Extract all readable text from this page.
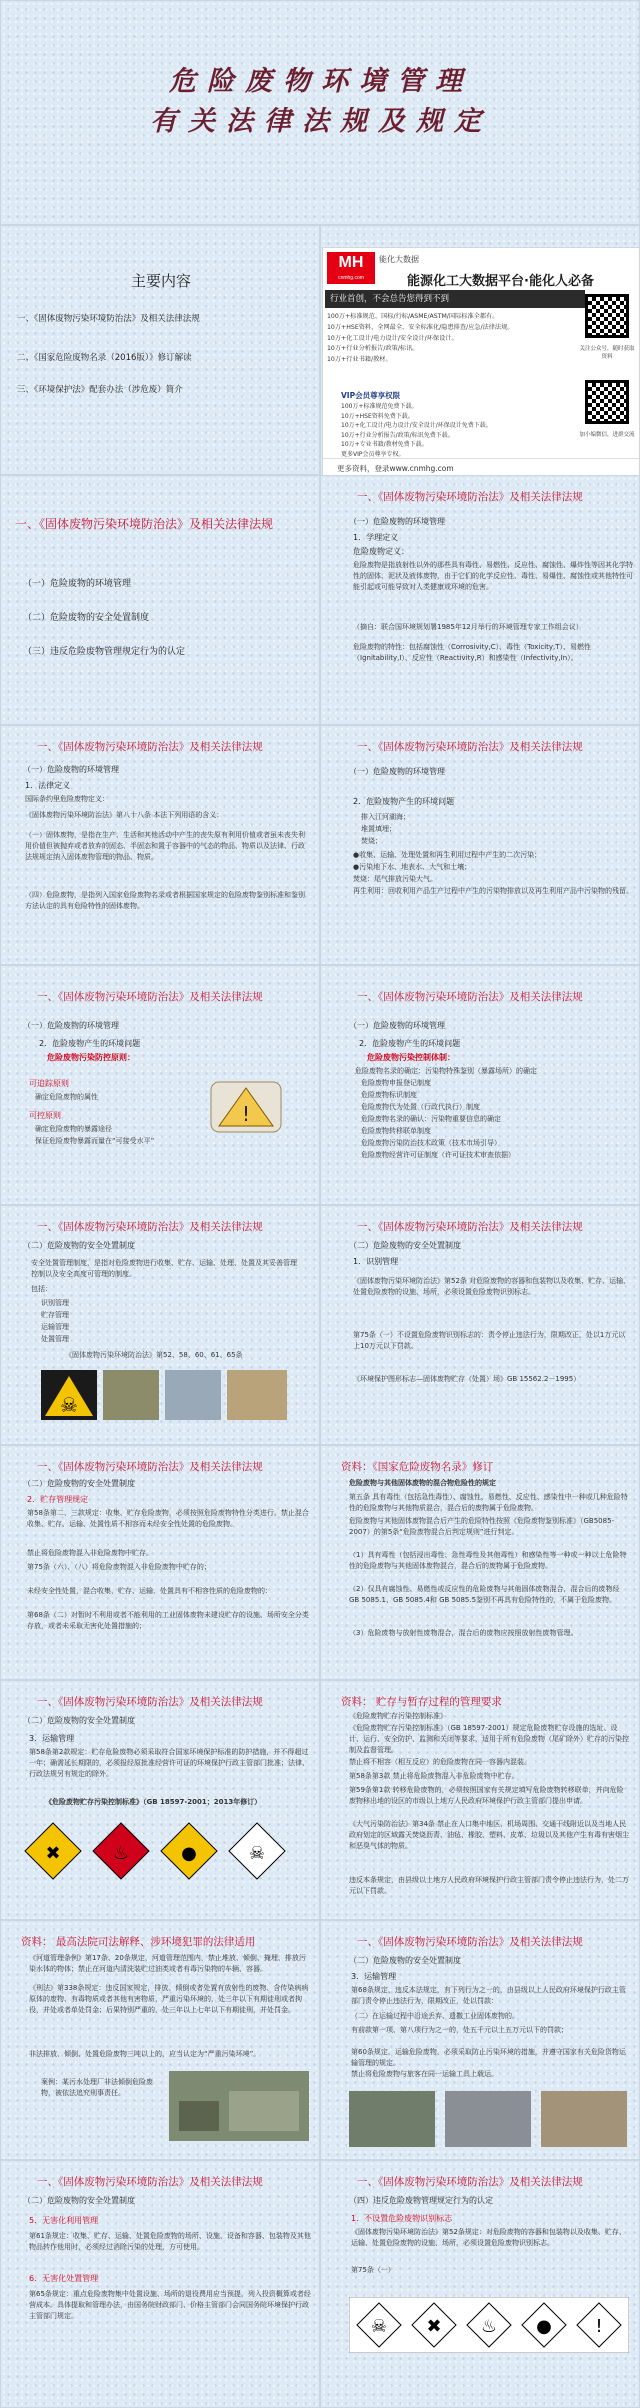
危险废物环境管理
有关法律法规及规定
主要内容
一、《固体废物污染环境防治法》及相关法律法规
二、《国家危险废物名录（2016版）》修订解读
三、《环境保护法》配套办法（涉危废）简介
MH
cnmhg.com
能化大数据
能源化工大数据平台·能化人必备
行业首创，不会总告您得到不到
100万+标准规范、国标/行标/ASME/ASTM/国际标准全都有。
10万+HSE资料，全网最全、安全标准化/隐患排查/应急/法律法规。
10万+化工设计/电力设计/安全设计/环保设计。
10万+行业分析报告/政策/标讯。
10万+行业书籍/教材。
VIP会员尊享权限
100万+标准规范免费下载。
10万+HSE资料免费下载。
10万+化工设计/电力设计/安全设计/环保设计免费下载。
10万+行业分析报告/政策/标讯免费下载。
10万+专业书籍/教材免费下载。
更多VIP会员尊享专权。
关注公众号，随时获取资料
加小编微信，进群交流
更多资料，登录www.cnmhg.com
一、《固体废物污染环境防治法》及相关法律法规
（一）危险废物的环境管理
（二）危险废物的安全处置制度
（三）违反危险废物管理规定行为的认定
一、《固体废物污染环境防治法》及相关法律法规
（一）危险废物的环境管理
1．学理定义
危险废物定义：
危险废物是指放射性以外的那些具有毒性、易燃性、反应性、腐蚀性、爆炸性等因其化学特性的固体、泥状及液体废物，由于它们的化学反应性、毒性、易爆性、腐蚀性或其他特性可能引起或可能导致对人类健康或环境的危害。
（摘自：联合国环境规划署1985年12月举行的环境管理专家工作组会议）
危险废物的特性：包括腐蚀性（Corrosivity,C）、毒性（Toxicity,T）、易燃性（Ignitability,I）、反应性（Reactivity,R）和感染性（Infectivity,In）。
一、《固体废物污染环境防治法》及相关法律法规
（一）危险废物的环境管理
1．法律定义
国际条约里危险废物定义：
《固体废物污染环境防治法》第八十八条 本法下列用语的含义：
（一）固体废物，是指在生产、生活和其他活动中产生的丧失原有利用价值或者虽未丧失利用价值但被抛弃或者放弃的固态、半固态和置于容器中的气态的物品、物质以及法律、行政法规规定纳入固体废物管理的物品、物质。
（四）危险废物，是指列入国家危险废物名录或者根据国家规定的危险废物鉴别标准和鉴别方法认定的具有危险特性的固体废物。
一、《固体废物污染环境防治法》及相关法律法规
（一）危险废物的环境管理
2．危险废物产生的环境问题
排入江河湖海；
堆置填埋；
焚烧；
●收集、运输、处理处置和再生利用过程中产生的二次污染；
●污染地下水、地表水、大气和土壤；
焚烧：尾气排放污染大气。
再生利用：回收利用产品生产过程中产生的污染物排放以及再生利用产品中污染物的残留。
一、《固体废物污染环境防治法》及相关法律法规
（一）危险废物的环境管理
2．危险废物产生的环境问题
危险废物污染防控原则：
可追踪原则
确定危险废物的属性
可控原则
确定危险废物的暴露途径
保证危险废物暴露而量在“可接受水平”
!
一、《固体废物污染环境防治法》及相关法律法规
（一）危险废物的环境管理
2．危险废物产生的环境问题
危险废物污染控制体制：
危险废物名录的确定：污染物特殊鉴别（暴露场所）的确定
危险废物申报登记制度
危险废物标识制度
危险废物代为处置（行政代执行）制度
危险废物名录的确认：污染物重要信息的确定
危险废物转移联单制度
危险废物污染防治技术政策（技术市场引导）
危险废物经营许可证制度（许可证技术审查依据）
一、《固体废物污染环境防治法》及相关法律法规
（二）危险废物的安全处置制度
安全处置管理制度，是指对危险废物进行收集、贮存、运输、处理、处置及其妥善管理控制以及安全高度可管理的制度。
包括：
识别管理
贮存管理
运输管理
处置管理
《固体废物污染环境防治法》第52、58、60、61、65条
☠
一、《固体废物污染环境防治法》及相关法律法规
（二）危险废物的安全处置制度
1．识别管理
《固体废物污染环境防治法》第52条 对危险废物的容器和包装物以及收集、贮存、运输、处置危险废物的设施、场所，必须设置危险废物识别标志。
第75条（一）不设置危险废物识别标志的：责令停止违法行为，限期改正，处以1万元以上10万元以下罚款。
《环境保护图形标志—固体废物贮存（处置）场》GB 15562.2－1995）
一、《固体废物污染环境防治法》及相关法律法规
（二）危险废物的安全处置制度
2．贮存管理规定
第58条第二、三款规定：收集、贮存危险废物，必须按照危险废物特性分类进行。禁止混合收集、贮存、运输、处置性质不相容而未经安全性处置的危险废物。
禁止将危险废物混入非危险废物中贮存。
第75条（六）、（八）将危险废物混入非危险废物中贮存的；
未经安全性处置，混合收集、贮存、运输、处置具有不相容性质的危险废物的：
第68条（二）对暂时不利用或者不能利用的工业固体废物未建设贮存的设施、场所安全分类存放，或者未采取无害化处置措施的；
资料：《国家危险废物名录》修订
危险废物与其他固体废物的混合物危险性的规定
第五条 具有毒性（包括急性毒性）、腐蚀性、易燃性、反应性、感染性中一种或几种危险特性的危险废物与其他物质混合，混合后的废物属于危险废物。
危险废物与其他固体废物混合后产生的危险特性按照《危险废物鉴别标准》（GB5085-2007）的第5条“危险废物混合后判定规则”进行判定。
（1）具有毒性（包括浸出毒性、急性毒性及其他毒性）和感染性等一种或一种以上危险特性的危险废物与其他固体废物混合，混合后的废物属于危险废物。
（2）仅具有腐蚀性、易燃性或反应性的危险废物与其他固体废物混合，混合后的废物经GB 5085.1、GB 5085.4和 GB 5085.5鉴别不再具有危险特性的，不属于危险废物。
（3）危险废物与放射性废物混合，混合后的废物应按照放射性废物管理。
一、《固体废物污染环境防治法》及相关法律法规
（二）危险废物的安全处置制度
3．运输管理
第58条第2款规定：贮存危险废物必须采取符合国家环境保护标准的防护措施，并不得超过一年；确需延长期限的，必须报经原批准经营许可证的环境保护行政主管部门批准；法律、行政法规另有规定的除外。
《危险废物贮存污染控制标准》（GB 18597-2001；2013年修订）
✖	♨	●	☠
资料： 贮存与暂存过程的管理要求
《危险废物贮存污染控制标准》
《危险废物贮存污染控制标准》（GB 18597-2001）规定危险废物贮存设施的选址、设计、运行、安全防护、监测和关闭等要求，适用于所有危险废物（尾矿除外）贮存的污染控制及监督管理。
禁止将不相容（相互反应）的危险废物在同一容器内混装。
第58条第3款 禁止将危险废物混入非危险废物中贮存。
第59条第1款 转移危险废物的，必须按照国家有关规定填写危险废物转移联单，并向危险废物移出地的设区的市级以上地方人民政府环境保护行政主管部门提出申请。
《大气污染防治法》第34条 禁止在人口集中地区、机场周围、交通干线附近以及当地人民政府划定的区域露天焚烧沥青、油毡、橡胶、塑料、皮革、垃圾以及其他产生有毒有害烟尘和恶臭气体的物质。
违反本条规定，由县级以上地方人民政府环境保护行政主管部门责令停止违法行为，处二万元以下罚款。
资料： 最高法院司法解释、涉环境犯罪的法律适用
《河道管理条例》第17条、20条规定，河道管理范围内，禁止堆放、倾倒、掩埋、排放污染水体的物体；禁止在河道内清洗装贮过油类或者有毒污染物的车辆、容器。
《刑法》第338条规定：违反国家规定，排放、倾倒或者处置有放射性的废物、含传染病病原体的废物、有毒物质或者其他有害物质，严重污染环境的，处三年以下有期徒刑或者拘役，并处或者单处罚金；后果特别严重的，处三年以上七年以下有期徒刑，并处罚金。
非法排放、倾倒、处置危险废物三吨以上的，应当认定为“严重污染环境”。
案例：某污水处理厂非法倾倒危险废物，被依法追究刑事责任。
一、《固体废物污染环境防治法》及相关法律法规
（二）危险废物的安全处置制度
3．运输管理
第68条规定，违反本法规定，有下列行为之一的，由县级以上人民政府环境保护行政主管部门责令停止违法行为，限期改正，处以罚款：
（二）在运输过程中沿途丢弃、遗撒工业固体废物的。
有前款第一项、第八项行为之一的，处五千元以上五万元以下的罚款；
第60条规定，运输危险废物，必须采取防止污染环境的措施，并遵守国家有关危险货物运输管理的规定。
禁止将危险废物与旅客在同一运输工具上载运。
一、《固体废物污染环境防治法》及相关法律法规
（二）危险废物的安全处置制度
5．无害化利用管理
第61条规定：收集、贮存、运输、处置危险废物的场所、设施、设备和容器、包装物及其他物品转作他用时，必须经过消除污染的处理，方可使用。
6．无害化处置管理
第65条规定：重点危险废物集中处置设施、场所的退役费用应当预提，列入投资概算或者经营成本。具体提取和管理办法，由国务院财政部门、价格主管部门会同国务院环境保护行政主管部门规定。
一、《固体废物污染环境防治法》及相关法律法规
（四）违反危险废物管理规定行为的认定
1．不设置危险废物识别标志
《固体废物污染环境防治法》第52条规定：对危险废物的容器和包装物以及收集、贮存、运输、处置危险废物的设施、场所，必须设置危险废物识别标志。
第75条（一）
☠ ✖ ♨ ● !
